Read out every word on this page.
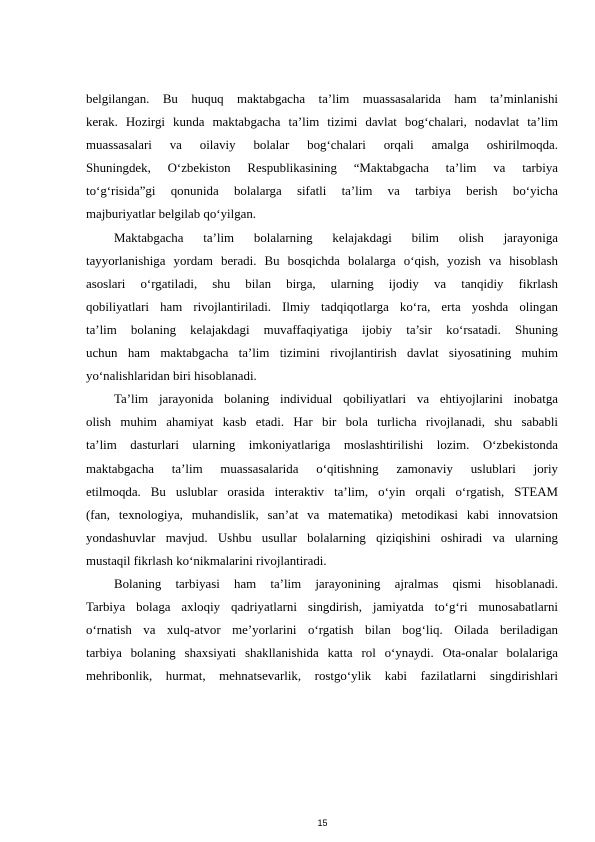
belgilangan. Bu huquq maktabgacha ta’lim muassasalarida ham ta’minlanishi
kerak. Hozirgi kunda maktabgacha ta’lim tizimi davlat bog‘chalari, nodavlat ta’lim
muassasalari va oilaviy bolalar bog‘chalari orqali amalga oshirilmoqda.
Shuningdek, O‘zbekiston Respublikasining “Maktabgacha ta’lim va tarbiya
to‘g‘risida”gi qonunida bolalarga sifatli ta’lim va tarbiya berish bo‘yicha
majburiyatlar belgilab qo‘yilgan.
Maktabgacha ta’lim bolalarning kelajakdagi bilim olish jarayoniga
tayyorlanishiga yordam beradi. Bu bosqichda bolalarga o‘qish, yozish va hisoblash
asoslari o‘rgatiladi, shu bilan birga, ularning ijodiy va tanqidiy fikrlash
qobiliyatlari ham rivojlantiriladi. Ilmiy tadqiqotlarga ko‘ra, erta yoshda olingan
ta’lim bolaning kelajakdagi muvaffaqiyatiga ijobiy ta’sir ko‘rsatadi. Shuning
uchun ham maktabgacha ta’lim tizimini rivojlantirish davlat siyosatining muhim
yo‘nalishlaridan biri hisoblanadi.
Ta’lim jarayonida bolaning individual qobiliyatlari va ehtiyojlarini inobatga
olish muhim ahamiyat kasb etadi. Har bir bola turlicha rivojlanadi, shu sababli
ta’lim dasturlari ularning imkoniyatlariga moslashtirilishi lozim. O‘zbekistonda
maktabgacha ta’lim muassasalarida o‘qitishning zamonaviy uslublari joriy
etilmoqda. Bu uslublar orasida interaktiv ta’lim, o‘yin orqali o‘rgatish, STEAM
(fan, texnologiya, muhandislik, san’at va matematika) metodikasi kabi innovatsion
yondashuvlar mavjud. Ushbu usullar bolalarning qiziqishini oshiradi va ularning
mustaqil fikrlash ko‘nikmalarini rivojlantiradi.
Bolaning tarbiyasi ham ta’lim jarayonining ajralmas qismi hisoblanadi.
Tarbiya bolaga axloqiy qadriyatlarni singdirish, jamiyatda to‘g‘ri munosabatlarni
o‘rnatish va xulq-atvor me’yorlarini o‘rgatish bilan bog‘liq. Oilada beriladigan
tarbiya bolaning shaxsiyati shakllanishida katta rol o‘ynaydi. Ota-onalar bolalariga
mehribonlik, hurmat, mehnatsevarlik, rostgo‘ylik kabi fazilatlarni singdirishlari
15
